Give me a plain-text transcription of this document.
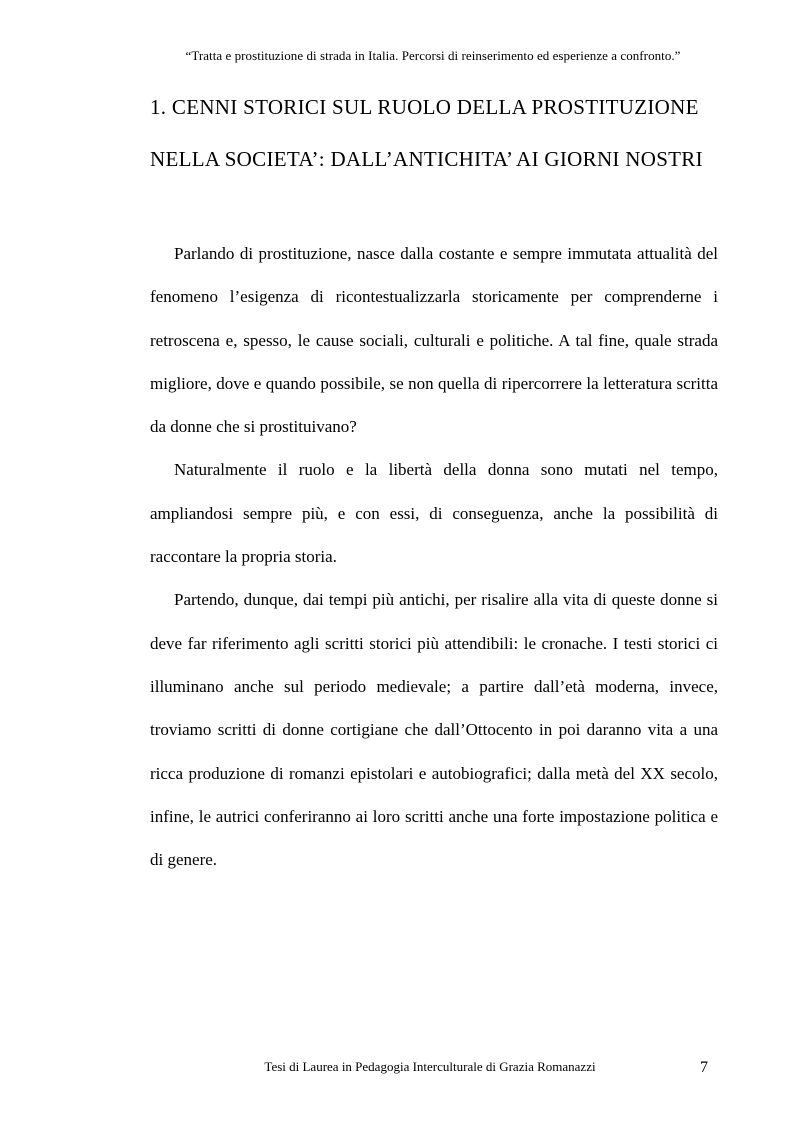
“Tratta e prostituzione di strada in Italia. Percorsi di reinserimento ed esperienze a confronto.”
1. CENNI STORICI SUL RUOLO DELLA PROSTITUZIONE
NELLA SOCIETA’: DALL’ANTICHITA’ AI GIORNI NOSTRI

Parlando di prostituzione, nasce dalla costante e sempre immutata attualità del fenomeno l’esigenza di ricontestualizzarla storicamente per comprenderne i retroscena e, spesso, le cause sociali, culturali e politiche. A tal fine, quale strada migliore, dove e quando possibile, se non quella di ripercorrere la letteratura scritta da donne che si prostituivano?

Naturalmente il ruolo e la libertà della donna sono mutati nel tempo, ampliandosi sempre più, e con essi, di conseguenza, anche la possibilità di raccontare la propria storia.

Partendo, dunque, dai tempi più antichi, per risalire alla vita di queste donne si deve far riferimento agli scritti storici più attendibili: le cronache. I testi storici ci illuminano anche sul periodo medievale; a partire dall’età moderna, invece, troviamo scritti di donne cortigiane che dall’Ottocento in poi daranno vita a una ricca produzione di romanzi epistolari e autobiografici; dalla metà del XX secolo, infine, le autrici conferiranno ai loro scritti anche una forte impostazione politica e di genere.

Tesi di Laurea in Pedagogia Interculturale di Grazia Romanazzi	7
